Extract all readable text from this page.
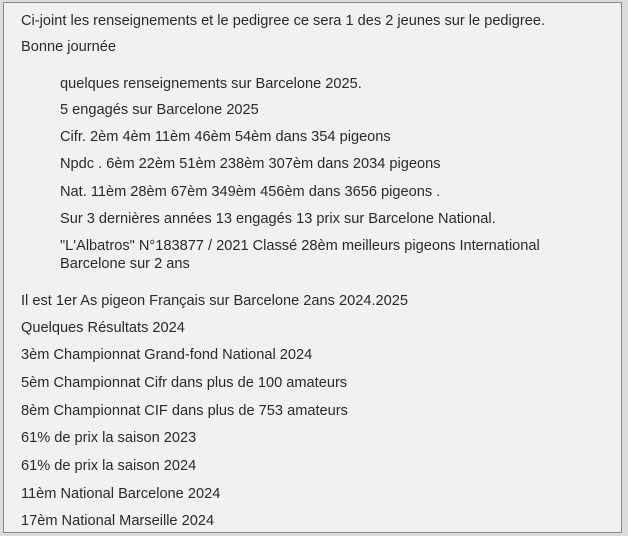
Ci-joint les renseignements et le pedigree ce sera 1 des 2 jeunes sur le pedigree.

Bonne journée

quelques renseignements sur Barcelone 2025.

5 engagés sur Barcelone 2025

Cifr. 2èm 4èm 11èm 46èm 54èm dans 354 pigeons

Npdc . 6èm 22èm 51èm 238èm 307èm dans 2034 pigeons

Nat. 11èm 28èm 67èm 349èm 456èm dans 3656 pigeons .

Sur 3 dernières années 13 engagés 13 prix sur Barcelone National.

"L'Albatros" N°183877 / 2021 Classé 28èm meilleurs pigeons International

Barcelone sur 2 ans

Il est 1er As pigeon Français sur Barcelone 2ans 2024.2025

Quelques Résultats 2024

3èm Championnat Grand-fond National 2024

5èm Championnat Cifr dans plus de 100 amateurs

8èm Championnat CIF dans plus de 753 amateurs

61% de prix la saison 2023

61% de prix la saison 2024

11èm National Barcelone 2024

17èm National Marseille 2024
